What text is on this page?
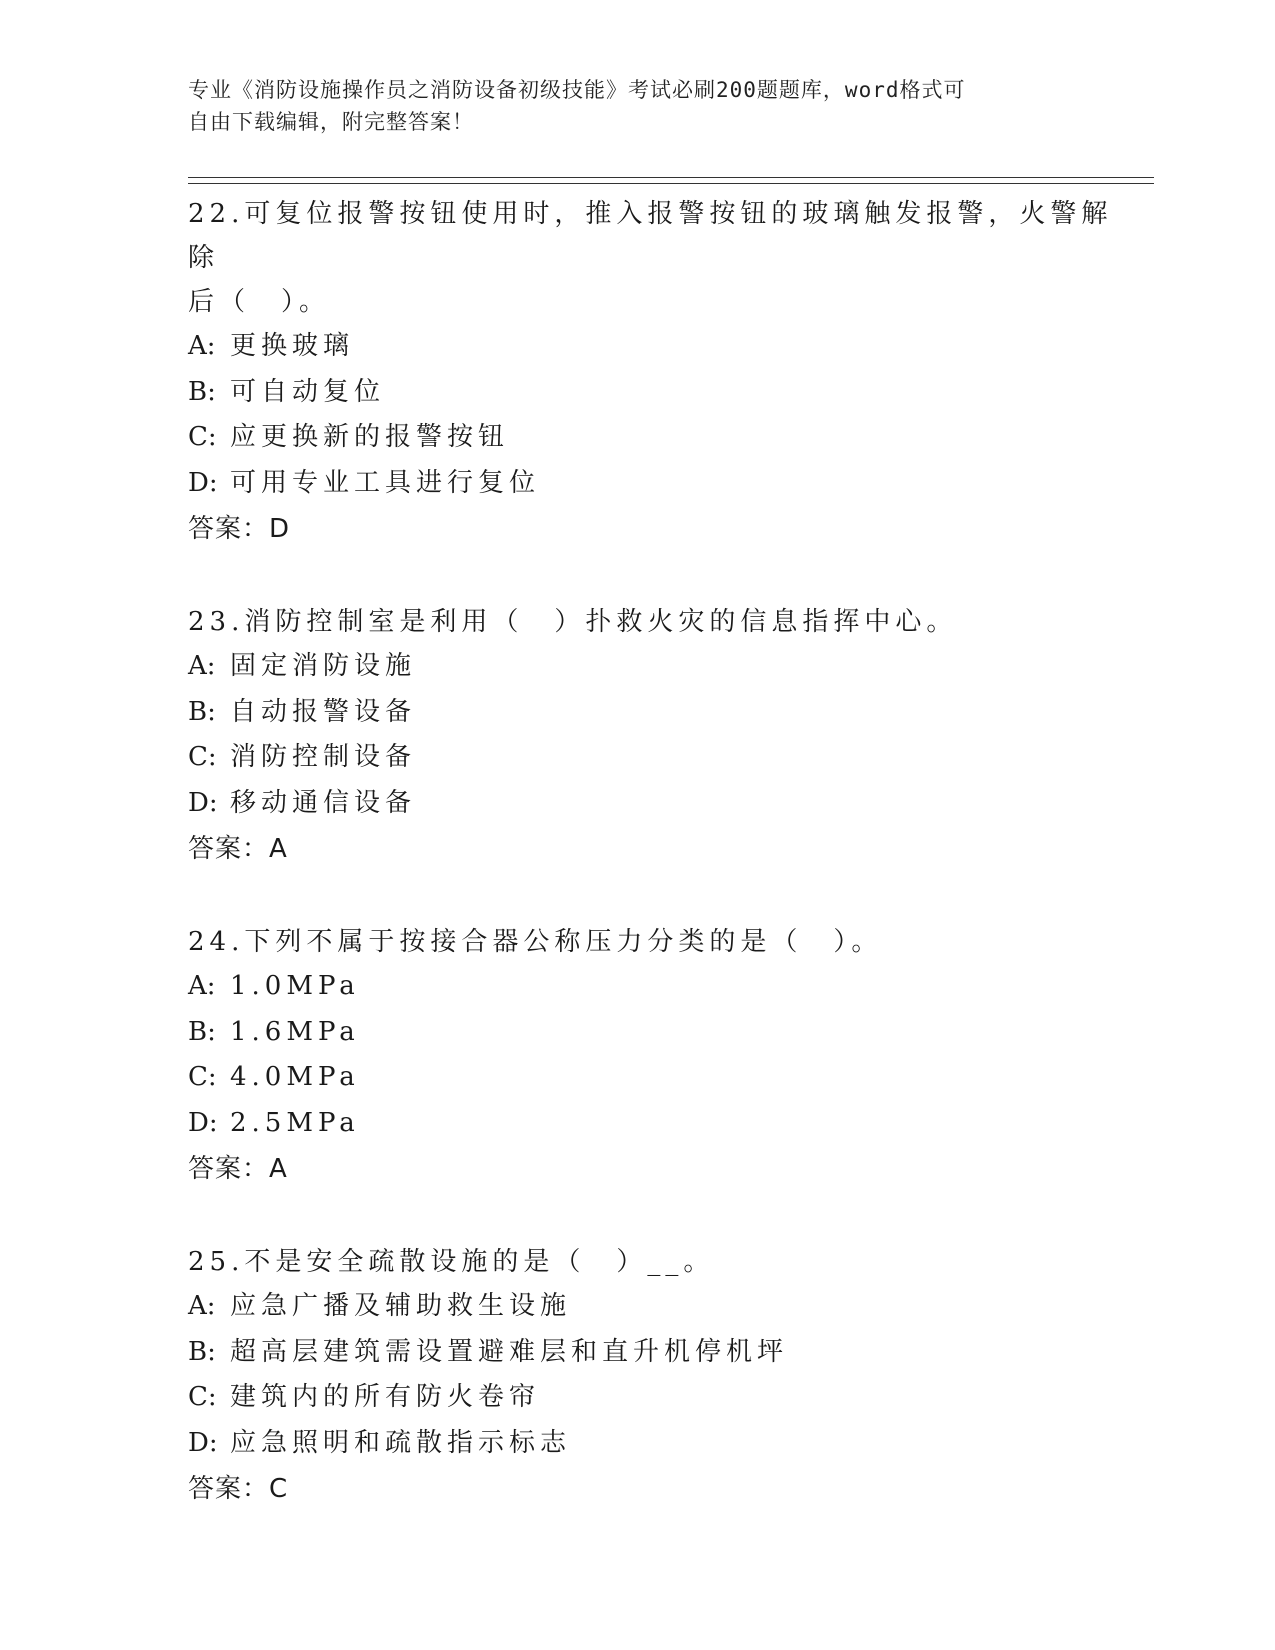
专业《消防设施操作员之消防设备初级技能》考试必刷200题题库，word格式可
自由下载编辑，附完整答案！

22.可复位报警按钮使用时，推入报警按钮的玻璃触发报警，火警解除
后（　）。

A: 更换玻璃

B: 可自动复位

C: 应更换新的报警按钮

D: 可用专业工具进行复位

答案：D

23.消防控制室是利用（　）扑救火灾的信息指挥中心。

A: 固定消防设施

B: 自动报警设备

C: 消防控制设备

D: 移动通信设备

答案：A

24.下列不属于按接合器公称压力分类的是（　）。

A: 1.0MPa

B: 1.6MPa

C: 4.0MPa

D: 2.5MPa

答案：A

25.不是安全疏散设施的是（　）__。

A: 应急广播及辅助救生设施

B: 超高层建筑需设置避难层和直升机停机坪

C: 建筑内的所有防火卷帘

D: 应急照明和疏散指示标志

答案：C
